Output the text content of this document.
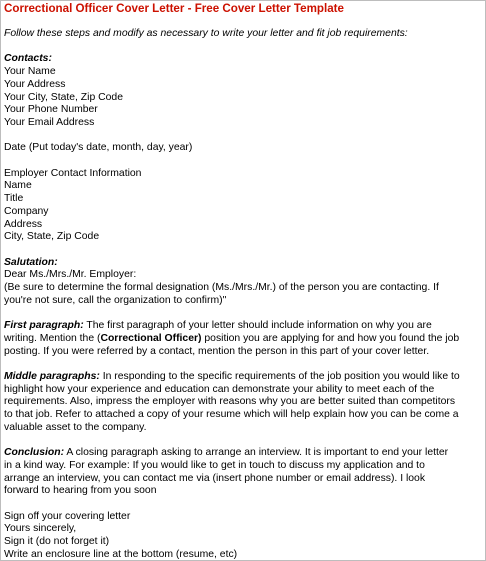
Correctional Officer Cover Letter - Free Cover Letter Template
Follow these steps and modify as necessary to write your letter and fit job requirements:
Contacts:
Your Name
Your Address
Your City, State, Zip Code
Your Phone Number
Your Email Address
Date (Put today's date, month, day, year)
Employer Contact Information
Name
Title
Company
Address
City, State, Zip Code
Salutation:
Dear Ms./Mrs./Mr. Employer:
(Be sure to determine the formal designation (Ms./Mrs./Mr.) of the person you are contacting. If
you're not sure, call the organization to confirm)"
First paragraph: The first paragraph of your letter should include information on why you are
writing. Mention the (Correctional Officer) position you are applying for and how you found the job
posting. If you were referred by a contact, mention the person in this part of your cover letter.
Middle paragraphs: In responding to the specific requirements of the job position you would like to
highlight how your experience and education can demonstrate your ability to meet each of the
requirements. Also, impress the employer with reasons why you are better suited than competitors
to that job. Refer to attached a copy of your resume which will help explain how you can be come a
valuable asset to the company.
Conclusion: A closing paragraph asking to arrange an interview. It is important to end your letter
in a kind way. For example: If you would like to get in touch to discuss my application and to
arrange an interview, you can contact me via (insert phone number or email address). I look
forward to hearing from you soon
Sign off your covering letter
Yours sincerely,
Sign it (do not forget it)
Write an enclosure line at the bottom (resume, etc)
